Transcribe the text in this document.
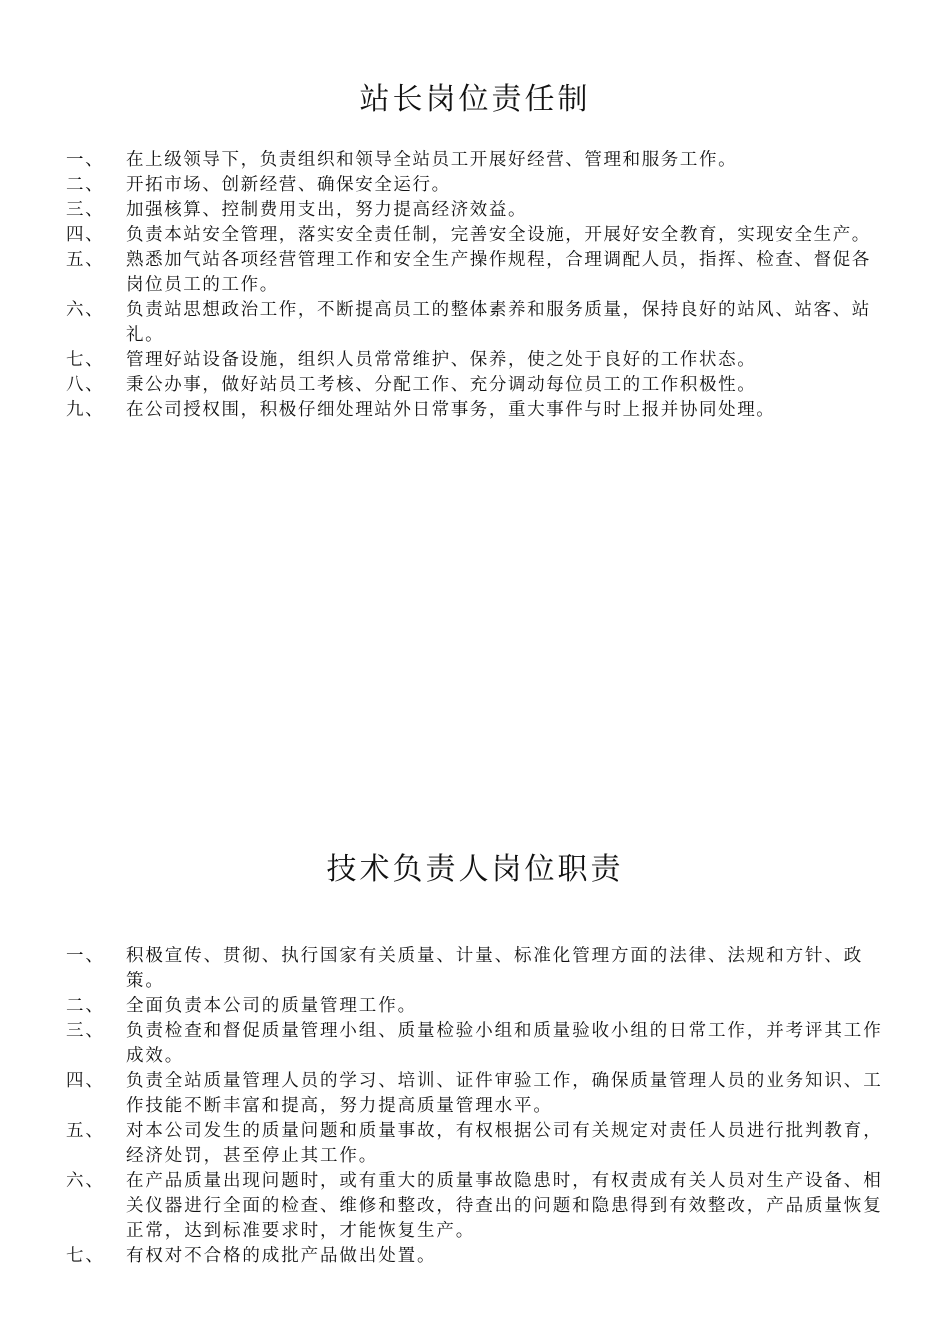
站长岗位责任制
一、	在上级领导下，负责组织和领导全站员工开展好经营、管理和服务工作。
二、	开拓市场、创新经营、确保安全运行。
三、	加强核算、控制费用支出，努力提高经济效益。
四、	负责本站安全管理，落实安全责任制，完善安全设施，开展好安全教育，实现安全生产。
五、	熟悉加气站各项经营管理工作和安全生产操作规程，合理调配人员，指挥、检查、督促各岗位员工的工作。
六、	负责站思想政治工作，不断提高员工的整体素养和服务质量，保持良好的站风、站客、站礼。
七、	管理好站设备设施，组织人员常常维护、保养，使之处于良好的工作状态。
八、	秉公办事，做好站员工考核、分配工作、充分调动每位员工的工作积极性。
九、	在公司授权围，积极仔细处理站外日常事务，重大事件与时上报并协同处理。
技术负责人岗位职责
一、	积极宣传、贯彻、执行国家有关质量、计量、标准化管理方面的法律、法规和方针、政策。
二、	全面负责本公司的质量管理工作。
三、	负责检查和督促质量管理小组、质量检验小组和质量验收小组的日常工作，并考评其工作成效。
四、	负责全站质量管理人员的学习、培训、证件审验工作，确保质量管理人员的业务知识、工作技能不断丰富和提高，努力提高质量管理水平。
五、	对本公司发生的质量问题和质量事故，有权根据公司有关规定对责任人员进行批判教育，经济处罚，甚至停止其工作。
六、	在产品质量出现问题时，或有重大的质量事故隐患时，有权责成有关人员对生产设备、相关仪器进行全面的检查、维修和整改，待查出的问题和隐患得到有效整改，产品质量恢复正常，达到标准要求时，才能恢复生产。
七、	有权对不合格的成批产品做出处置。
